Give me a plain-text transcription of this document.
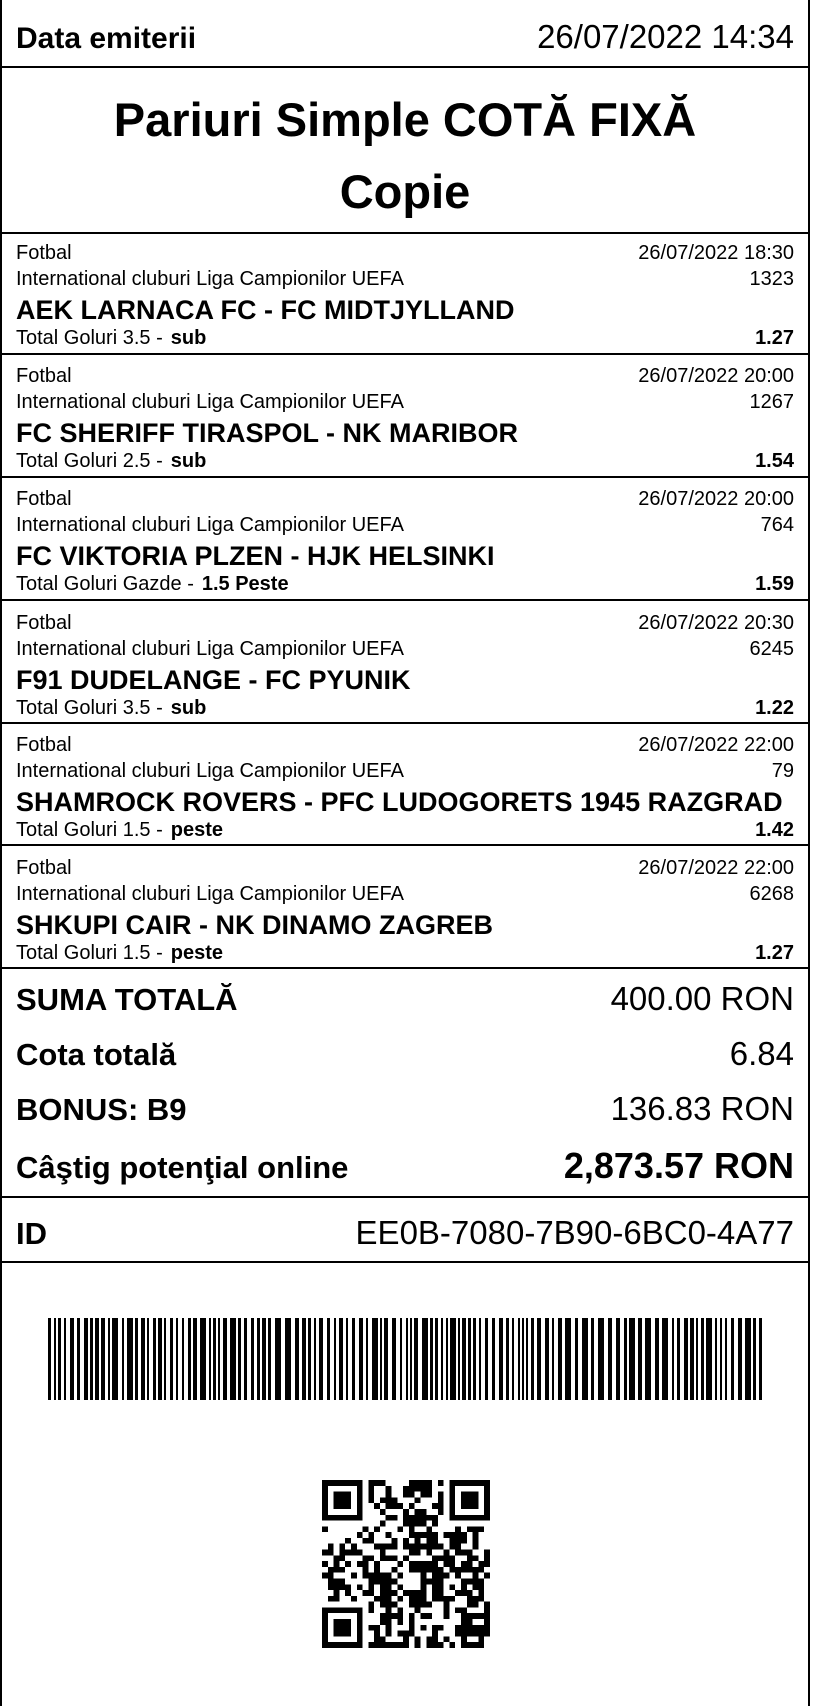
Data emiterii	26/07/2022 14:34
Pariuri Simple COTĂ FIXĂ
Copie
Fotbal	26/07/2022 18:30
International cluburi Liga Campionilor UEFA	1323
AEK LARNACA FC - FC MIDTJYLLAND
Total Goluri 3.5 - sub	1.27
Fotbal	26/07/2022 20:00
International cluburi Liga Campionilor UEFA	1267
FC SHERIFF TIRASPOL - NK MARIBOR
Total Goluri 2.5 - sub	1.54
Fotbal	26/07/2022 20:00
International cluburi Liga Campionilor UEFA	764
FC VIKTORIA PLZEN - HJK HELSINKI
Total Goluri Gazde - 1.5 Peste	1.59
Fotbal	26/07/2022 20:30
International cluburi Liga Campionilor UEFA	6245
F91 DUDELANGE - FC PYUNIK
Total Goluri 3.5 - sub	1.22
Fotbal	26/07/2022 22:00
International cluburi Liga Campionilor UEFA	79
SHAMROCK ROVERS - PFC LUDOGORETS 1945 RAZGRAD
Total Goluri 1.5 - peste	1.42
Fotbal	26/07/2022 22:00
International cluburi Liga Campionilor UEFA	6268
SHKUPI CAIR - NK DINAMO ZAGREB
Total Goluri 1.5 - peste	1.27
SUMA TOTALĂ	400.00 RON
Cota totală	6.84
BONUS: B9	136.83 RON
Câştig potenţial online	2,873.57 RON
ID	EE0B-7080-7B90-6BC0-4A77
